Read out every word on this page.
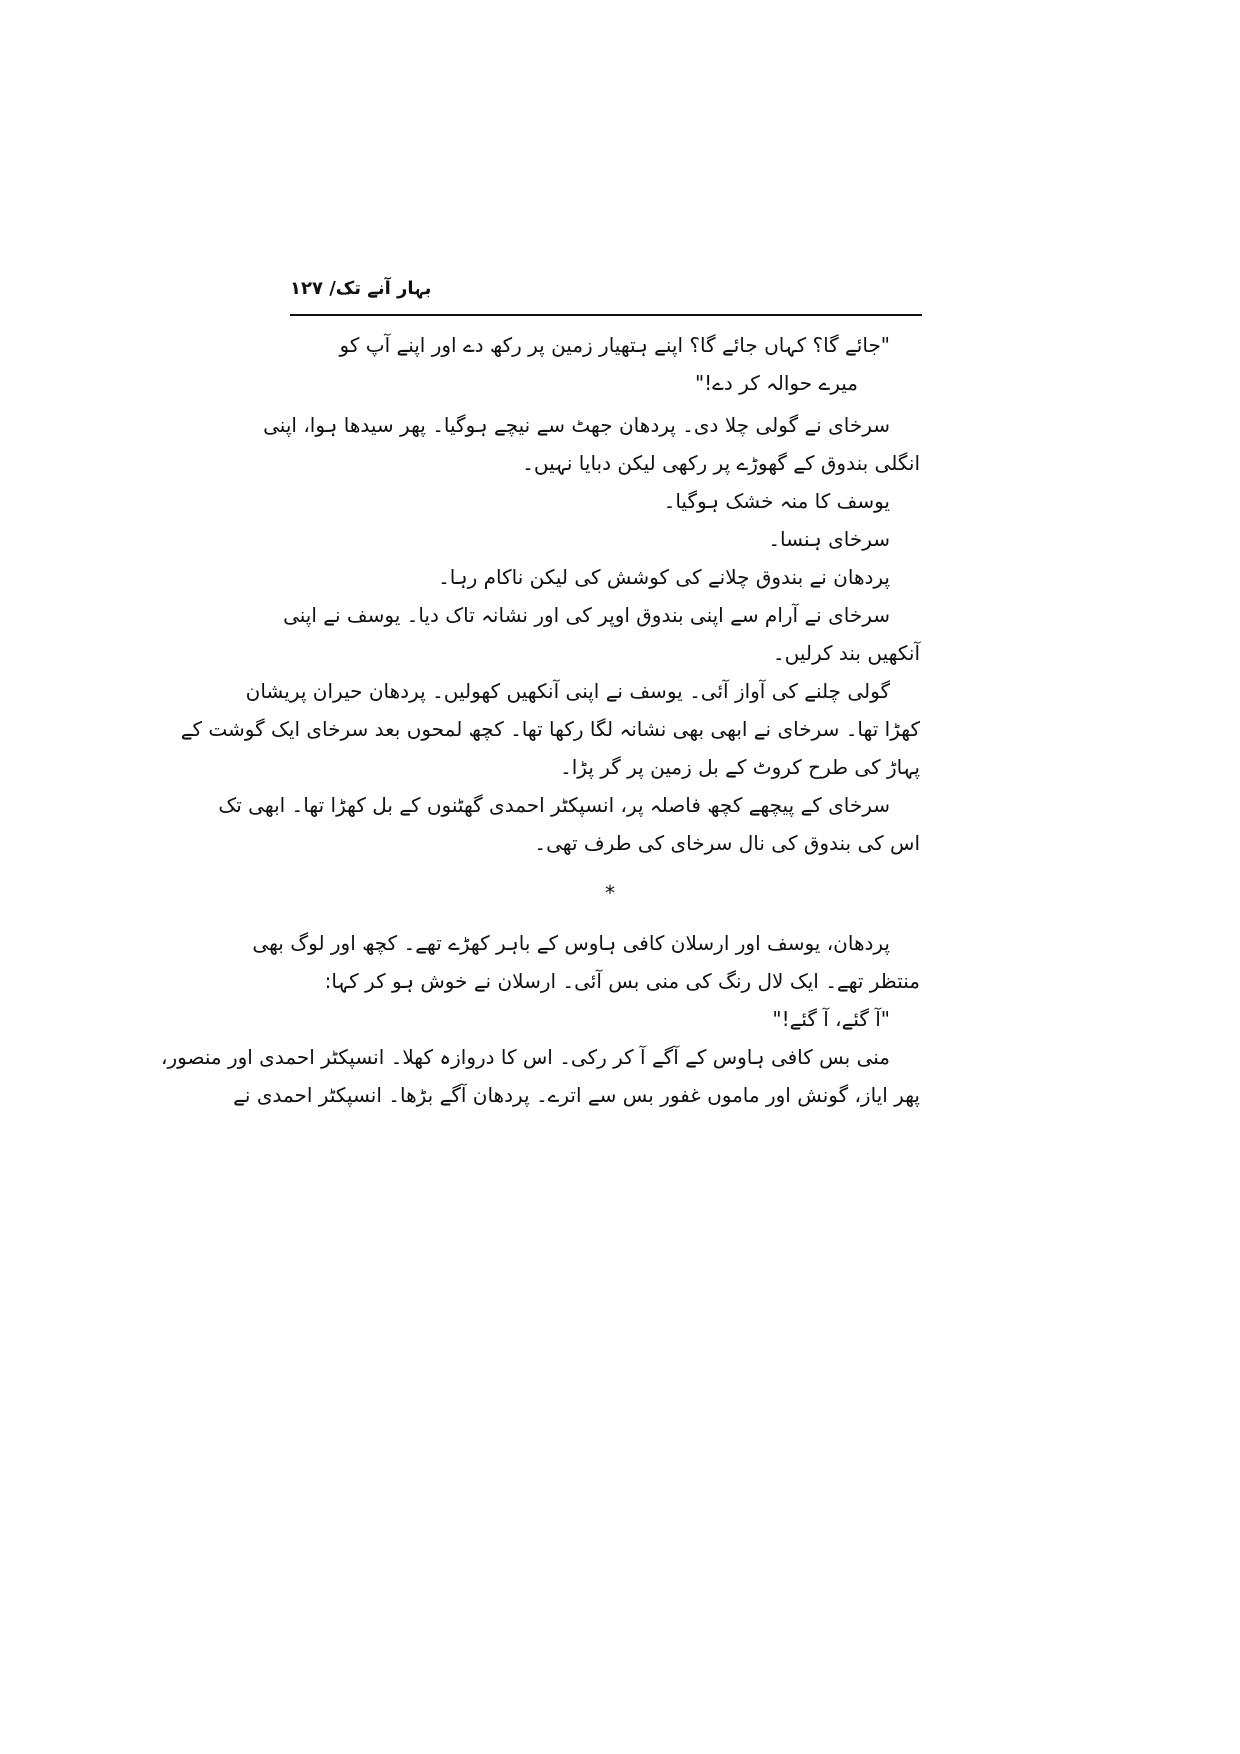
بہار آنے تک/ ۱۲۷
"جائے گا؟ کہاں جائے گا؟ اپنے ہتھیار زمین پر رکھ دے اور اپنے آپ کو
میرے حوالہ کر دے!"
سرخای نے گولی چلا دی۔ پردھان جھٹ سے نیچے ہوگیا۔ پھر سیدھا ہوا، اپنی
انگلی بندوق کے گھوڑے پر رکھی لیکن دبایا نہیں۔
یوسف کا منہ خشک ہوگیا۔
سرخای ہنسا۔
پردھان نے بندوق چلانے کی کوشش کی لیکن ناکام رہا۔
سرخای نے آرام سے اپنی بندوق اوپر کی اور نشانہ تاک دیا۔ یوسف نے اپنی
آنکھیں بند کرلیں۔
گولی چلنے کی آواز آئی۔ یوسف نے اپنی آنکھیں کھولیں۔ پردھان حیران پریشان
کھڑا تھا۔ سرخای نے ابھی بھی نشانہ لگا رکھا تھا۔ کچھ لمحوں بعد سرخای ایک گوشت کے
پہاڑ کی طرح کروٹ کے بل زمین پر گر پڑا۔
سرخای کے پیچھے کچھ فاصلہ پر، انسپکٹر احمدی گھٹنوں کے بل کھڑا تھا۔ ابھی تک
اس کی بندوق کی نال سرخای کی طرف تھی۔
*
پردھان، یوسف اور ارسلان کافی ہاوس کے باہر کھڑے تھے۔ کچھ اور لوگ بھی
منتظر تھے۔ ایک لال رنگ کی منی بس آئی۔ ارسلان نے خوش ہو کر کہا:
"آ گئے، آ گئے!"
منی بس کافی ہاوس کے آگے آ کر رکی۔ اس کا دروازہ کھلا۔ انسپکٹر احمدی اور منصور،
پھر ایاز، گونش اور ماموں غفور بس سے اترے۔ پردھان آگے بڑھا۔ انسپکٹر احمدی نے
